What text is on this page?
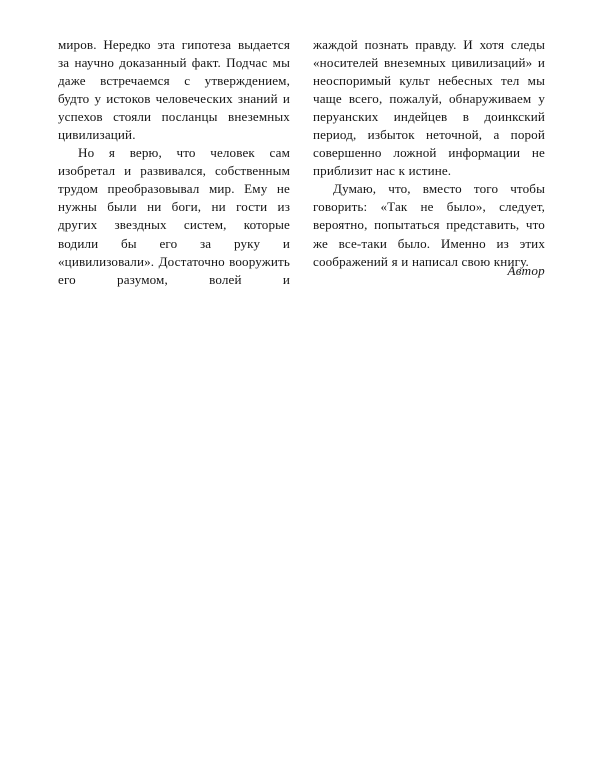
миров. Нередко эта гипотеза выдается за научно доказанный факт. Подчас мы даже встречаемся с утверждением, будто у истоков человеческих знаний и успехов стояли посланцы внеземных цивилизаций.

Но я верю, что человек сам изобретал и развивался, собственным трудом преобразовывал мир. Ему не нужны были ни боги, ни гости из других звездных систем, которые водили бы его за руку и «цивилизовали». Достаточно вооружить его разумом, волей и

жаждой познать правду. И хотя следы «носителей внеземных цивилизаций» и неоспоримый культ небесных тел мы чаще всего, пожалуй, обнаруживаем у перуанских индейцев в доинкский период, избыток неточной, а порой совершенно ложной информации не приблизит нас к истине.

Думаю, что, вместо того чтобы говорить: «Так не было», следует, вероятно, попытаться представить, что же все-таки было. Именно из этих соображений я и написал свою книгу.

Автор
